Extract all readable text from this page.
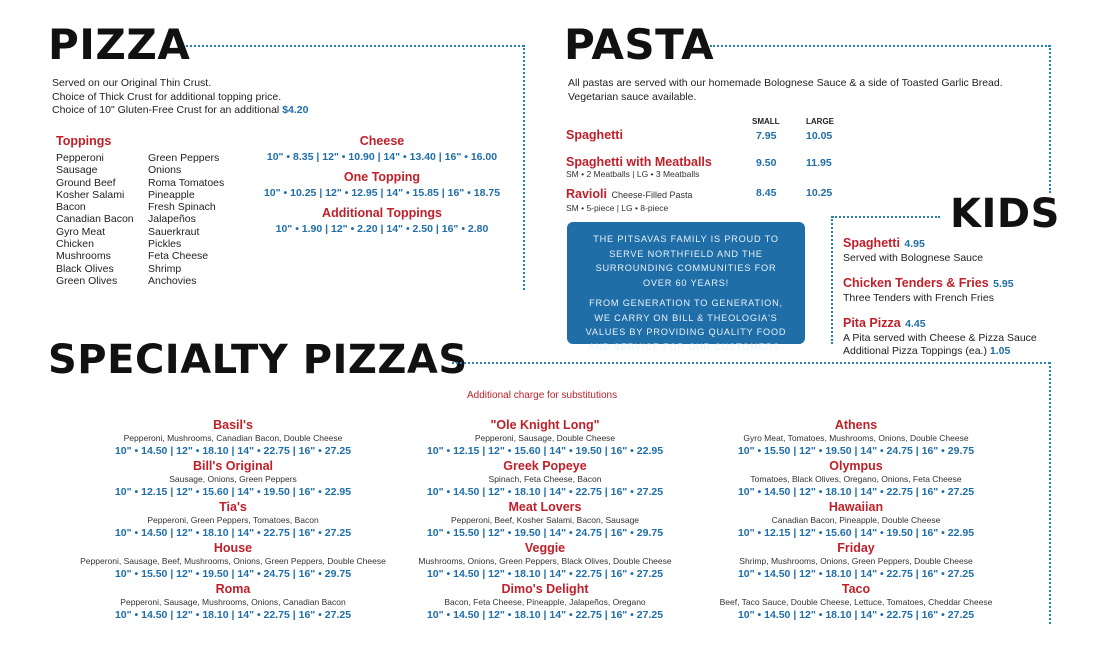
PIZZA
Served on our Original Thin Crust.
Choice of Thick Crust for additional topping price.
Choice of 10" Gluten-Free Crust for an additional $4.20
Toppings
Pepperoni
Sausage
Ground Beef
Kosher Salami
Bacon
Canadian Bacon
Gyro Meat
Chicken
Mushrooms
Black Olives
Green Olives
Green Peppers
Onions
Roma Tomatoes
Pineapple
Fresh Spinach
Jalapeños
Sauerkraut
Pickles
Feta Cheese
Shrimp
Anchovies
Cheese
10" • 8.35 | 12" • 10.90 | 14" • 13.40 | 16" • 16.00
One Topping
10" • 10.25 | 12" • 12.95 | 14" • 15.85 | 16" • 18.75
Additional Toppings
10" • 1.90 | 12" • 2.20 | 14" • 2.50 | 16" • 2.80
PASTA
All pastas are served with our homemade Bolognese Sauce & a side of Toasted Garlic Bread.
Vegetarian sauce available.
SMALL	LARGE
Spaghetti	7.95	10.05
Spaghetti with Meatballs
SM • 2 Meatballs | LG • 3 Meatballs
9.50	11.95
Ravioli Cheese-Filled Pasta
SM • 5-piece | LG • 8-piece
8.45	10.25

THE PITSAVAS FAMILY IS PROUD TO SERVE NORTHFIELD AND THE SURROUNDING COMMUNITIES FOR OVER 60 YEARS!

FROM GENERATION TO GENERATION, WE CARRY ON BILL & THEOLOGIA'S VALUES BY PROVIDING QUALITY FOOD AND SERVICE FOR OUR CUSTOMERS.

KIDS
Spaghetti 4.95
Served with Bolognese Sauce
Chicken Tenders & Fries 5.95
Three Tenders with French Fries
Pita Pizza 4.45
A Pita served with Cheese & Pizza Sauce
Additional Pizza Toppings (ea.) 1.05
SPECIALTY PIZZAS
Additional charge for substitutions
Basil's
Pepperoni, Mushrooms, Canadian Bacon, Double Cheese
10" • 14.50 | 12" • 18.10 | 14" • 22.75 | 16" • 27.25
Bill's Original
Sausage, Onions, Green Peppers
10" • 12.15 | 12" • 15.60 | 14" • 19.50 | 16" • 22.95
Tia's
Pepperoni, Green Peppers, Tomatoes, Bacon
10" • 14.50 | 12" • 18.10 | 14" • 22.75 | 16" • 27.25
House
Pepperoni, Sausage, Beef, Mushrooms, Onions, Green Peppers, Double Cheese
10" • 15.50 | 12" • 19.50 | 14" • 24.75 | 16" • 29.75
Roma
Pepperoni, Sausage, Mushrooms, Onions, Canadian Bacon
10" • 14.50 | 12" • 18.10 | 14" • 22.75 | 16" • 27.25
"Ole Knight Long"
Pepperoni, Sausage, Double Cheese
10" • 12.15 | 12" • 15.60 | 14" • 19.50 | 16" • 22.95
Greek Popeye
Spinach, Feta Cheese, Bacon
10" • 14.50 | 12" • 18.10 | 14" • 22.75 | 16" • 27.25
Meat Lovers
Pepperoni, Beef, Kosher Salami, Bacon, Sausage
10" • 15.50 | 12" • 19.50 | 14" • 24.75 | 16" • 29.75
Veggie
Mushrooms, Onions, Green Peppers, Black Olives, Double Cheese
10" • 14.50 | 12" • 18.10 | 14" • 22.75 | 16" • 27.25
Dimo's Delight
Bacon, Feta Cheese, Pineapple, Jalapeños, Oregano
10" • 14.50 | 12" • 18.10 | 14" • 22.75 | 16" • 27.25
Athens
Gyro Meat, Tomatoes, Mushrooms, Onions, Double Cheese
10" • 15.50 | 12" • 19.50 | 14" • 24.75 | 16" • 29.75
Olympus
Tomatoes, Black Olives, Oregano, Onions, Feta Cheese
10" • 14.50 | 12" • 18.10 | 14" • 22.75 | 16" • 27.25
Hawaiian
Canadian Bacon, Pineapple, Double Cheese
10" • 12.15 | 12" • 15.60 | 14" • 19.50 | 16" • 22.95
Friday
Shrimp, Mushrooms, Onions, Green Peppers, Double Cheese
10" • 14.50 | 12" • 18.10 | 14" • 22.75 | 16" • 27.25
Taco
Beef, Taco Sauce, Double Cheese, Lettuce, Tomatoes, Cheddar Cheese
10" • 14.50 | 12" • 18.10 | 14" • 22.75 | 16" • 27.25
